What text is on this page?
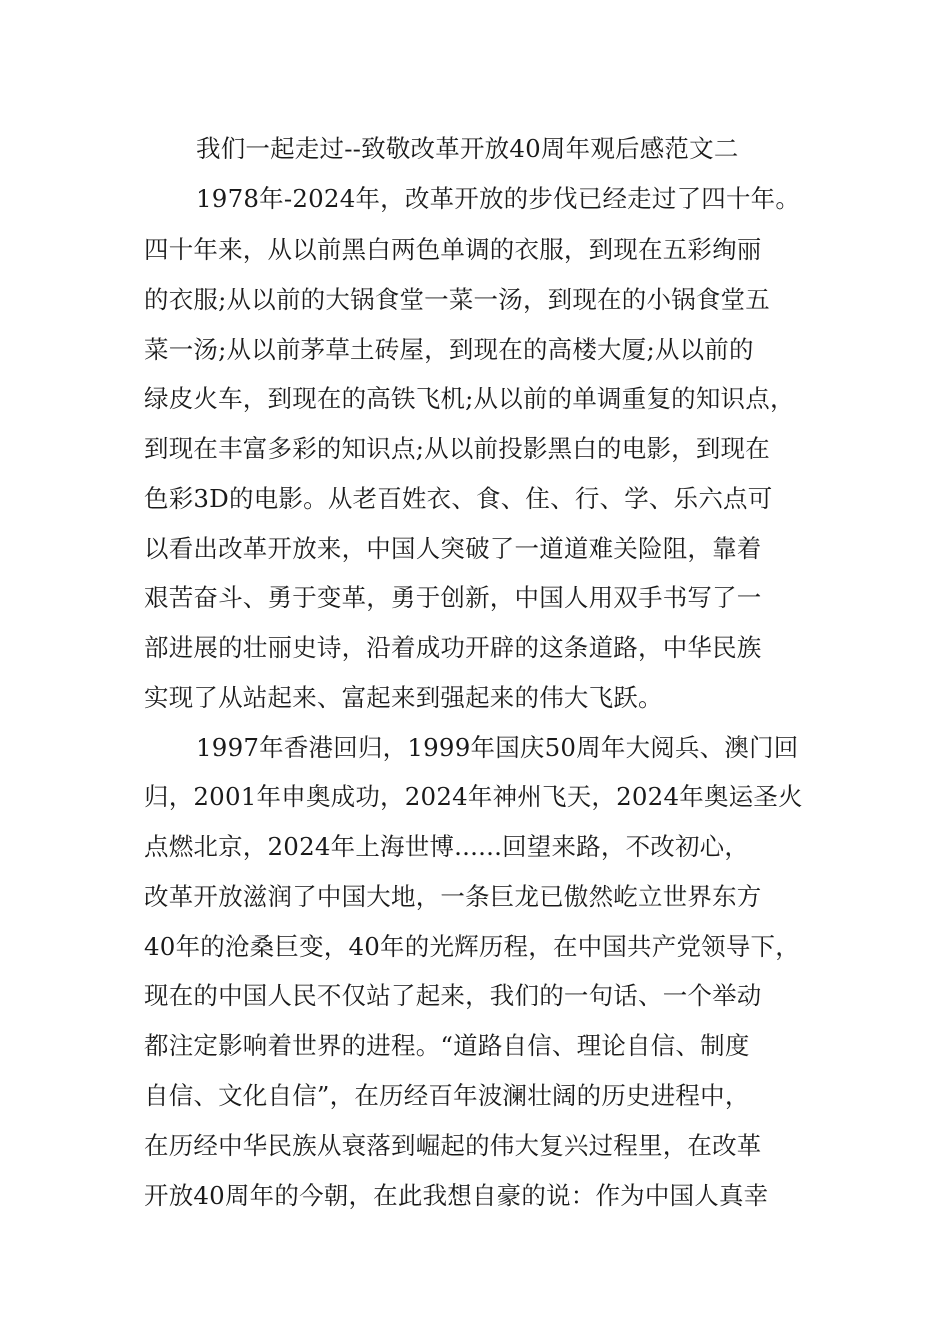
我们一起走过--致敬改革开放40周年观后感范文二
1978年-2024年，改革开放的步伐已经走过了四十年。
四十年来，从以前黑白两色单调的衣服，到现在五彩绚丽
的衣服;从以前的大锅食堂一菜一汤，到现在的小锅食堂五
菜一汤;从以前茅草土砖屋，到现在的高楼大厦;从以前的
绿皮火车，到现在的高铁飞机;从以前的单调重复的知识点，
到现在丰富多彩的知识点;从以前投影黑白的电影，到现在
色彩3D的电影。从老百姓衣、食、住、行、学、乐六点可
以看出改革开放来，中国人突破了一道道难关险阻，靠着
艰苦奋斗、勇于变革，勇于创新，中国人用双手书写了一
部进展的壮丽史诗，沿着成功开辟的这条道路，中华民族
实现了从站起来、富起来到强起来的伟大飞跃。
1997年香港回归，1999年国庆50周年大阅兵、澳门回
归，2001年申奥成功，2024年神州飞天，2024年奥运圣火
点燃北京，2024年上海世博......回望来路，不改初心，
改革开放滋润了中国大地，一条巨龙已傲然屹立世界东方
40年的沧桑巨变，40年的光辉历程，在中国共产党领导下，
现在的中国人民不仅站了起来，我们的一句话、一个举动
都注定影响着世界的进程。“道路自信、理论自信、制度
自信、文化自信”，在历经百年波澜壮阔的历史进程中，
在历经中华民族从衰落到崛起的伟大复兴过程里，在改革
开放40周年的今朝，在此我想自豪的说：作为中国人真幸
